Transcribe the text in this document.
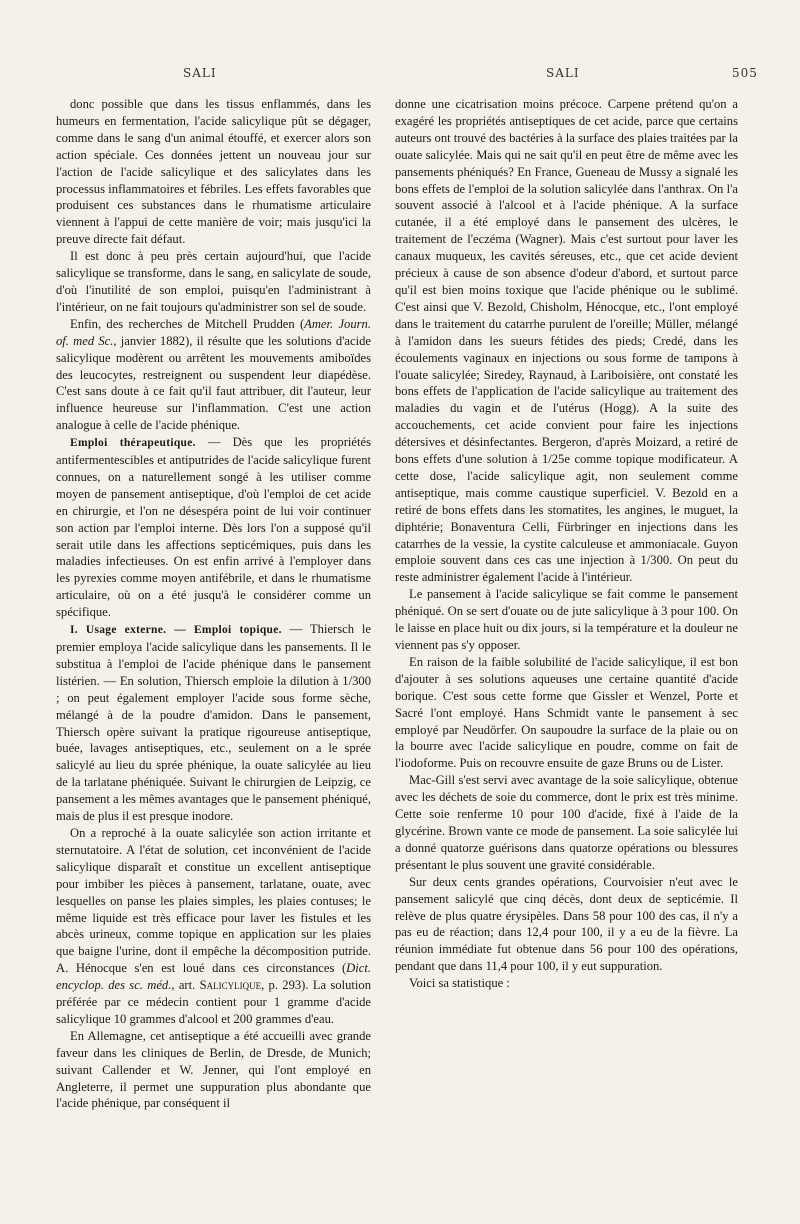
SALI	SALI	505

donc possible que dans les tissus enflammés, dans les humeurs en fermentation, l'acide salicylique pût se dégager, comme dans le sang d'un animal étouffé, et exercer alors son action spéciale. Ces données jettent un nouveau jour sur l'action de l'acide salicylique et des salicylates dans les processus inflammatoires et fébriles. Les effets favorables que produisent ces substances dans le rhumatisme articulaire viennent à l'appui de cette manière de voir; mais jusqu'ici la preuve directe fait défaut.

Il est donc à peu près certain aujourd'hui, que l'acide salicylique se transforme, dans le sang, en salicylate de soude, d'où l'inutilité de son emploi, puisqu'en l'administrant à l'intérieur, on ne fait toujours qu'administrer son sel de soude.

Enfin, des recherches de Mitchell Prudden (Amer. Journ. of. med Sc., janvier 1882), il résulte que les solutions d'acide salicylique modèrent ou arrêtent les mouvements amiboïdes des leucocytes, restreignent ou suspendent leur diapédèse. C'est sans doute à ce fait qu'il faut attribuer, dit l'auteur, leur influence heureuse sur l'inflammation. C'est une action analogue à celle de l'acide phénique.

Emploi thérapeutique. — Dès que les propriétés antifermentescibles et antiputrides de l'acide salicylique furent connues, on a naturellement songé à les utiliser comme moyen de pansement antiseptique, d'où l'emploi de cet acide en chirurgie, et l'on ne désespéra point de lui voir continuer son action par l'emploi interne. Dès lors l'on a supposé qu'il serait utile dans les affections septicémiques, puis dans les maladies infectieuses. On est enfin arrivé à l'employer dans les pyrexies comme moyen antifébrile, et dans le rhumatisme articulaire, où on a été jusqu'à le considérer comme un spécifique.

I. Usage externe. — Emploi topique. — Thiersch le premier employa l'acide salicylique dans les pansements. Il le substitua à l'emploi de l'acide phénique dans le pansement listérien. — En solution, Thiersch emploie la dilution à 1/300 ; on peut également employer l'acide sous forme sèche, mélangé à de la poudre d'amidon. Dans le pansement, Thiersch opère suivant la pratique rigoureuse antiseptique, buée, lavages antiseptiques, etc., seulement on a le sprée salicylé au lieu du sprée phénique, la ouate salicylée au lieu de la tarlatane phéniquée. Suivant le chirurgien de Leipzig, ce pansement a les mêmes avantages que le pansement phéniqué, mais de plus il est presque inodore.

On a reproché à la ouate salicylée son action irritante et sternutatoire. A l'état de solution, cet inconvénient de l'acide salicylique disparaît et constitue un excellent antiseptique pour imbiber les pièces à pansement, tarlatane, ouate, avec lesquelles on panse les plaies simples, les plaies contuses; le même liquide est très efficace pour laver les fistules et les abcès urineux, comme topique en application sur les plaies que baigne l'urine, dont il empêche la décomposition putride. A. Hénocque s'en est loué dans ces circonstances (Dict. encyclop. des sc. méd., art. Salicylique, p. 293). La solution préférée par ce médecin contient pour 1 gramme d'acide salicylique 10 grammes d'alcool et 200 grammes d'eau.

En Allemagne, cet antiseptique a été accueilli avec grande faveur dans les cliniques de Berlin, de Dresde, de Munich; suivant Callender et W. Jenner, qui l'ont employé en Angleterre, il permet une suppuration plus abondante que l'acide phénique, par conséquent il

donne une cicatrisation moins précoce. Carpene prétend qu'on a exagéré les propriétés antiseptiques de cet acide, parce que certains auteurs ont trouvé des bactéries à la surface des plaies traitées par la ouate salicylée. Mais qui ne sait qu'il en peut être de même avec les pansements phéniqués? En France, Gueneau de Mussy a signalé les bons effets de l'emploi de la solution salicylée dans l'anthrax. On l'a souvent associé à l'alcool et à l'acide phénique. A la surface cutanée, il a été employé dans le pansement des ulcères, le traitement de l'eczéma (Wagner). Mais c'est surtout pour laver les canaux muqueux, les cavités séreuses, etc., que cet acide devient précieux à cause de son absence d'odeur d'abord, et surtout parce qu'il est bien moins toxique que l'acide phénique ou le sublimé. C'est ainsi que V. Bezold, Chisholm, Hénocque, etc., l'ont employé dans le traitement du catarrhe purulent de l'oreille; Müller, mélangé à l'amidon dans les sueurs fétides des pieds; Credé, dans les écoulements vaginaux en injections ou sous forme de tampons à l'ouate salicylée; Siredey, Raynaud, à Lariboisière, ont constaté les bons effets de l'application de l'acide salicylique au traitement des maladies du vagin et de l'utérus (Hogg). A la suite des accouchements, cet acide convient pour faire les injections détersives et désinfectantes. Bergeron, d'après Moizard, a retiré de bons effets d'une solution à 1/25e comme topique modificateur. A cette dose, l'acide salicylique agit, non seulement comme antiseptique, mais comme caustique superficiel. V. Bezold en a retiré de bons effets dans les stomatites, les angines, le muguet, la diphtérie; Bonaventura Celli, Fürbringer en injections dans les catarrhes de la vessie, la cystite calculeuse et ammoniacale. Guyon emploie souvent dans ces cas une injection à 1/300. On peut du reste administrer également l'acide à l'intérieur.

Le pansement à l'acide salicylique se fait comme le pansement phéniqué. On se sert d'ouate ou de jute salicylique à 3 pour 100. On le laisse en place huit ou dix jours, si la température et la douleur ne viennent pas s'y opposer.

En raison de la faible solubilité de l'acide salicylique, il est bon d'ajouter à ses solutions aqueuses une certaine quantité d'acide borique. C'est sous cette forme que Gissler et Wenzel, Porte et Sacré l'ont employé. Hans Schmidt vante le pansement à sec employé par Neudörfer. On saupoudre la surface de la plaie ou on la bourre avec l'acide salicylique en poudre, comme on fait de l'iodoforme. Puis on recouvre ensuite de gaze Bruns ou de Lister.

Mac-Gill s'est servi avec avantage de la soie salicylique, obtenue avec les déchets de soie du commerce, dont le prix est très minime. Cette soie renferme 10 pour 100 d'acide, fixé à l'aide de la glycérine. Brown vante ce mode de pansement. La soie salicylée lui a donné quatorze guérisons dans quatorze opérations ou blessures présentant le plus souvent une gravité considérable.

Sur deux cents grandes opérations, Courvoisier n'eut avec le pansement salicylé que cinq décès, dont deux de septicémie. Il relève de plus quatre érysipèles. Dans 58 pour 100 des cas, il n'y a pas eu de réaction; dans 12,4 pour 100, il y a eu de la fièvre. La réunion immédiate fut obtenue dans 56 pour 100 des opérations, pendant que dans 11,4 pour 100, il y eut suppuration.

Voici sa statistique :
